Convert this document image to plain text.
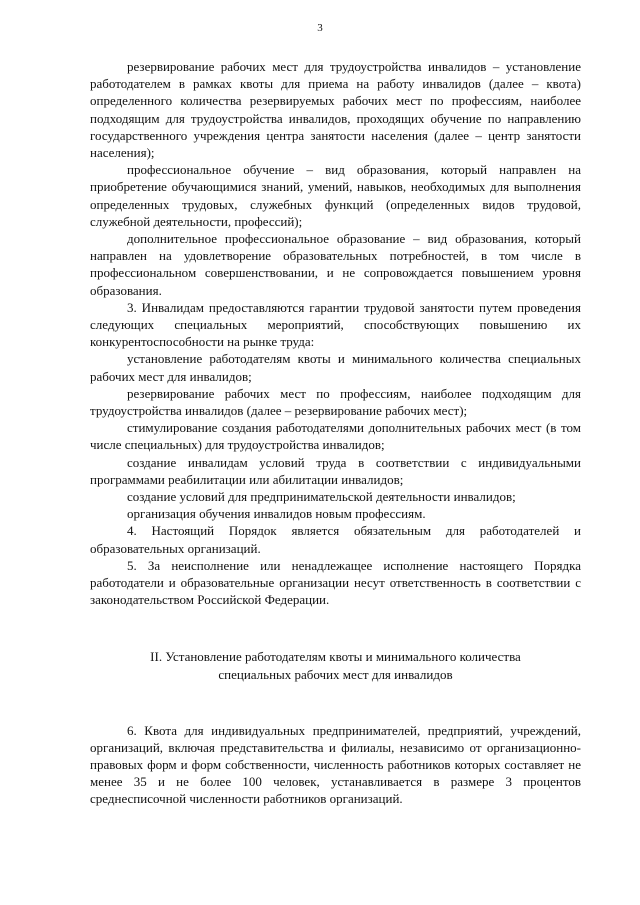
3

резервирование рабочих мест для трудоустройства инвалидов – установление работодателем в рамках квоты для приема на работу инвалидов (далее – квота) определенного количества резервируемых рабочих мест по профессиям, наиболее подходящим для трудоустройства инвалидов, проходящих обучение по направлению государственного учреждения центра занятости населения (далее – центр занятости населения);

профессиональное обучение – вид образования, который направлен на приобретение обучающимися знаний, умений, навыков, необходимых для выполнения определенных трудовых, служебных функций (определенных видов трудовой, служебной деятельности, профессий);

дополнительное профессиональное образование – вид образования, который направлен на удовлетворение образовательных потребностей, в том числе в профессиональном совершенствовании, и не сопровождается повышением уровня образования.

3. Инвалидам предоставляются гарантии трудовой занятости путем проведения следующих специальных мероприятий, способствующих повышению их конкурентоспособности на рынке труда:

установление работодателям квоты и минимального количества специальных рабочих мест для инвалидов;

резервирование рабочих мест по профессиям, наиболее подходящим для трудоустройства инвалидов (далее – резервирование рабочих мест);

стимулирование создания работодателями дополнительных рабочих мест (в том числе специальных) для трудоустройства инвалидов;

создание инвалидам условий труда в соответствии с индивидуальными программами реабилитации или абилитации инвалидов;

создание условий для предпринимательской деятельности инвалидов;

организация обучения инвалидов новым профессиям.

4. Настоящий Порядок является обязательным для работодателей и образовательных организаций.

5. За неисполнение или ненадлежащее исполнение настоящего Порядка работодатели и образовательные организации несут ответственность в соответствии с законодательством Российской Федерации.

II. Установление работодателям квоты и минимального количества
специальных рабочих мест для инвалидов

6. Квота для индивидуальных предпринимателей, предприятий, учреждений, организаций, включая представительства и филиалы, независимо от организационно-правовых форм и форм собственности, численность работников которых составляет не менее 35 и не более 100 человек, устанавливается в размере 3 процентов среднесписочной численности работников организаций.
